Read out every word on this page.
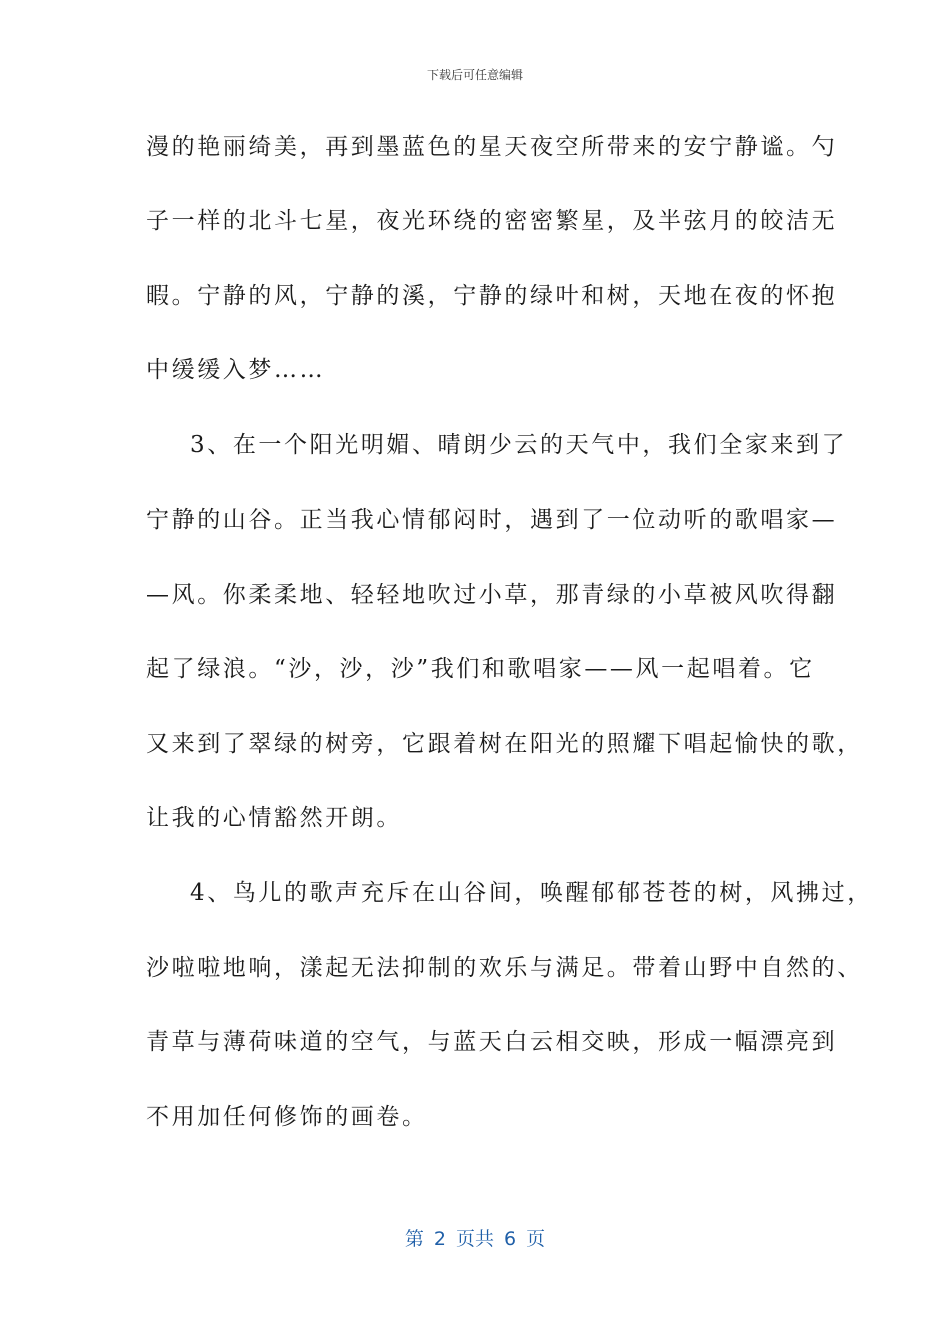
下载后可任意编辑
漫的艳丽绮美，再到墨蓝色的星天夜空所带来的安宁静谧。勺
子一样的北斗七星，夜光环绕的密密繁星，及半弦月的皎洁无
暇。宁静的风，宁静的溪，宁静的绿叶和树，天地在夜的怀抱
中缓缓入梦……
3、在一个阳光明媚、晴朗少云的天气中，我们全家来到了
宁静的山谷。正当我心情郁闷时，遇到了一位动听的歌唱家—
—风。你柔柔地、轻轻地吹过小草，那青绿的小草被风吹得翻
起了绿浪。“沙，沙，沙”我们和歌唱家——风一起唱着。它
又来到了翠绿的树旁，它跟着树在阳光的照耀下唱起愉快的歌，
让我的心情豁然开朗。
4、鸟儿的歌声充斥在山谷间，唤醒郁郁苍苍的树，风拂过，
沙啦啦地响，漾起无法抑制的欢乐与满足。带着山野中自然的、
青草与薄荷味道的空气，与蓝天白云相交映，形成一幅漂亮到
不用加任何修饰的画卷。
第 2 页共 6 页
